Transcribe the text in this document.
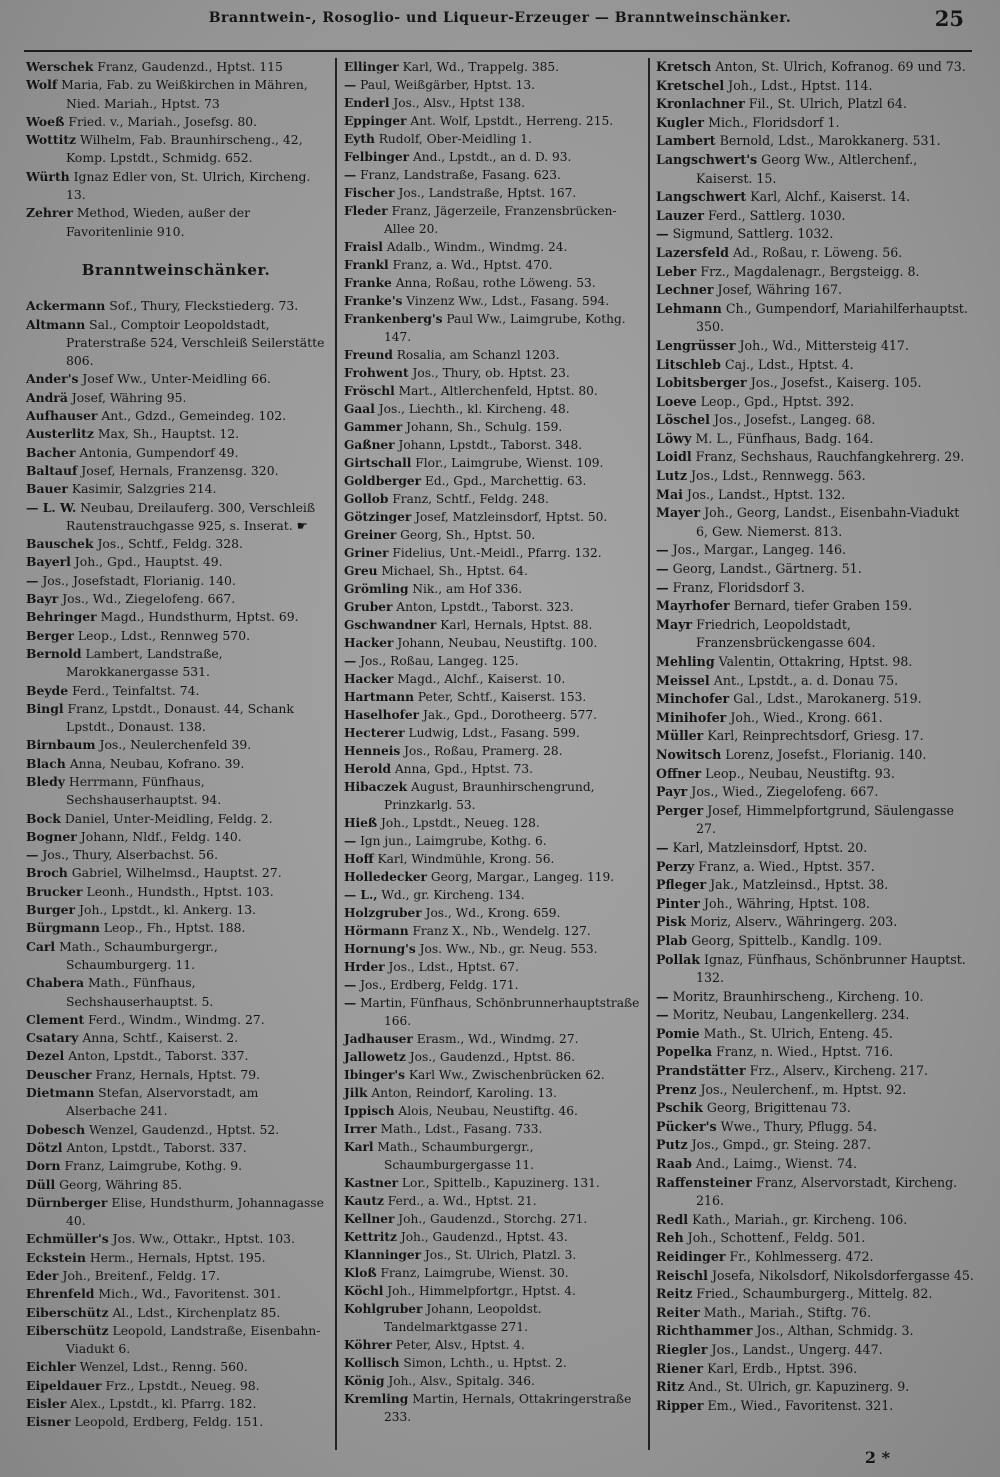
Branntwein-, Rosoglio- und Liqueur-Erzeuger — Branntweinschänker.	25
Werschek Franz, Gaudenzd., Hptst. 115
Wolf Maria, Fab. zu Weißkirchen in Mähren, Nied. Mariah., Hptst. 73
Woeß Fried. v., Mariah., Josefsg. 80.
Wottitz Wilhelm, Fab. Braunhirscheng., 42, Komp. Lpstdt., Schmidg. 652.
Würth Ignaz Edler von, St. Ulrich, Kircheng. 13.
Zehrer Method, Wieden, außer der Favoritenlinie 910.
Branntweinschänker.
Ackermann Sof., Thury, Fleckstiederg. 73.
Altmann Sal., Comptoir Leopoldstadt, Praterstraße 524, Verschleiß Seilerstätte 806.
Ander's Josef Ww., Unter-Meidling 66.
Andrä Josef, Währing 95.
Aufhauser Ant., Gdzd., Gemeindeg. 102.
Austerlitz Max, Sh., Hauptst. 12.
Bacher Antonia, Gumpendorf 49.
Baltauf Josef, Hernals, Franzensg. 320.
Bauer Kasimir, Salzgries 214.
— L. W. Neubau, Dreilauferg. 300, Verschleiß Rautenstrauchgasse 925, s. Inserat. ☛
Bauschek Jos., Schtf., Feldg. 328.
Bayerl Joh., Gpd., Hauptst. 49.
— Jos., Josefstadt, Florianig. 140.
Bayr Jos., Wd., Ziegelofeng. 667.
Behringer Magd., Hundsthurm, Hptst. 69.
Berger Leop., Ldst., Rennweg 570.
Bernold Lambert, Landstraße, Marokkanergasse 531.
Beyde Ferd., Teinfaltst. 74.
Bingl Franz, Lpstdt., Donaust. 44, Schank Lpstdt., Donaust. 138.
Birnbaum Jos., Neulerchenfeld 39.
Blach Anna, Neubau, Kofrano. 39.
Bledy Herrmann, Fünfhaus, Sechshauserhauptst. 94.
Bock Daniel, Unter-Meidling, Feldg. 2.
Bogner Johann, Nldf., Feldg. 140.
— Jos., Thury, Alserbachst. 56.
Broch Gabriel, Wilhelmsd., Hauptst. 27.
Brucker Leonh., Hundsth., Hptst. 103.
Burger Joh., Lpstdt., kl. Ankerg. 13.
Bürgmann Leop., Fh., Hptst. 188.
Carl Math., Schaumburgergr., Schaumburgerg. 11.
Chabera Math., Fünfhaus, Sechshauserhauptst. 5.
Clement Ferd., Windm., Windmg. 27.
Csatary Anna, Schtf., Kaiserst. 2.
Dezel Anton, Lpstdt., Taborst. 337.
Deuscher Franz, Hernals, Hptst. 79.
Dietmann Stefan, Alservorstadt, am Alserbache 241.
Dobesch Wenzel, Gaudenzd., Hptst. 52.
Dötzl Anton, Lpstdt., Taborst. 337.
Dorn Franz, Laimgrube, Kothg. 9.
Düll Georg, Währing 85.
Dürnberger Elise, Hundsthurm, Johannagasse 40.
Echmüller's Jos. Ww., Ottakr., Hptst. 103.
Eckstein Herm., Hernals, Hptst. 195.
Eder Joh., Breitenf., Feldg. 17.
Ehrenfeld Mich., Wd., Favoritenst. 301.
Eiberschütz Al., Ldst., Kirchenplatz 85.
Eiberschütz Leopold, Landstraße, Eisenbahn-Viadukt 6.
Eichler Wenzel, Ldst., Renng. 560.
Eipeldauer Frz., Lpstdt., Neueg. 98.
Eisler Alex., Lpstdt., kl. Pfarrg. 182.
Eisner Leopold, Erdberg, Feldg. 151.
Ellinger Karl, Wd., Trappelg. 385.
— Paul, Weißgärber, Hptst. 13.
Enderl Jos., Alsv., Hptst 138.
Eppinger Ant. Wolf, Lpstdt., Herreng. 215.
Eyth Rudolf, Ober-Meidling 1.
Felbinger And., Lpstdt., an d. D. 93.
— Franz, Landstraße, Fasang. 623.
Fischer Jos., Landstraße, Hptst. 167.
Fleder Franz, Jägerzeile, Franzensbrücken-Allee 20.
Fraisl Adalb., Windm., Windmg. 24.
Frankl Franz, a. Wd., Hptst. 470.
Franke Anna, Roßau, rothe Löweng. 53.
Franke's Vinzenz Ww., Ldst., Fasang. 594.
Frankenberg's Paul Ww., Laimgrube, Kothg. 147.
Freund Rosalia, am Schanzl 1203.
Frohwent Jos., Thury, ob. Hptst. 23.
Fröschl Mart., Altlerchenfeld, Hptst. 80.
Gaal Jos., Liechth., kl. Kircheng. 48.
Gammer Johann, Sh., Schulg. 159.
Gaßner Johann, Lpstdt., Taborst. 348.
Girtschall Flor., Laimgrube, Wienst. 109.
Goldberger Ed., Gpd., Marchettig. 63.
Gollob Franz, Schtf., Feldg. 248.
Götzinger Josef, Matzleinsdorf, Hptst. 50.
Greiner Georg, Sh., Hptst. 50.
Griner Fidelius, Unt.-Meidl., Pfarrg. 132.
Greu Michael, Sh., Hptst. 64.
Grömling Nik., am Hof 336.
Gruber Anton, Lpstdt., Taborst. 323.
Gschwandner Karl, Hernals, Hptst. 88.
Hacker Johann, Neubau, Neustiftg. 100.
— Jos., Roßau, Langeg. 125.
Hacker Magd., Alchf., Kaiserst. 10.
Hartmann Peter, Schtf., Kaiserst. 153.
Haselhofer Jak., Gpd., Dorotheerg. 577.
Hecterer Ludwig, Ldst., Fasang. 599.
Henneis Jos., Roßau, Pramerg. 28.
Herold Anna, Gpd., Hptst. 73.
Hibaczek August, Braunhirschengrund, Prinzkarlg. 53.
Hieß Joh., Lpstdt., Neueg. 128.
— Ign jun., Laimgrube, Kothg. 6.
Hoff Karl, Windmühle, Krong. 56.
Holledecker Georg, Margar., Langeg. 119.
— L., Wd., gr. Kircheng. 134.
Holzgruber Jos., Wd., Krong. 659.
Hörmann Franz X., Nb., Wendelg. 127.
Hornung's Jos. Ww., Nb., gr. Neug. 553.
Hrder Jos., Ldst., Hptst. 67.
— Jos., Erdberg, Feldg. 171.
— Martin, Fünfhaus, Schönbrunnerhauptstraße 166.
Jadhauser Erasm., Wd., Windmg. 27.
Jallowetz Jos., Gaudenzd., Hptst. 86.
Ibinger's Karl Ww., Zwischenbrücken 62.
Jilk Anton, Reindorf, Karoling. 13.
Ippisch Alois, Neubau, Neustiftg. 46.
Irrer Math., Ldst., Fasang. 733.
Karl Math., Schaumburgergr., Schaumburgergasse 11.
Kastner Lor., Spittelb., Kapuzinerg. 131.
Kautz Ferd., a. Wd., Hptst. 21.
Kellner Joh., Gaudenzd., Storchg. 271.
Kettritz Joh., Gaudenzd., Hptst. 43.
Klanninger Jos., St. Ulrich, Platzl. 3.
Kloß Franz, Laimgrube, Wienst. 30.
Köchl Joh., Himmelpfortgr., Hptst. 4.
Kohlgruber Johann, Leopoldst. Tandelmarktgasse 271.
Köhrer Peter, Alsv., Hptst. 4.
Kollisch Simon, Lchth., u. Hptst. 2.
König Joh., Alsv., Spitalg. 346.
Kremling Martin, Hernals, Ottakringerstraße 233.
Kretsch Anton, St. Ulrich, Kofranog. 69 und 73.
Kretschel Joh., Ldst., Hptst. 114.
Kronlachner Fil., St. Ulrich, Platzl 64.
Kugler Mich., Floridsdorf 1.
Lambert Bernold, Ldst., Marokkanerg. 531.
Langschwert's Georg Ww., Altlerchenf., Kaiserst. 15.
Langschwert Karl, Alchf., Kaiserst. 14.
Lauzer Ferd., Sattlerg. 1030.
— Sigmund, Sattlerg. 1032.
Lazersfeld Ad., Roßau, r. Löweng. 56.
Leber Frz., Magdalenagr., Bergsteigg. 8.
Lechner Josef, Währing 167.
Lehmann Ch., Gumpendorf, Mariahilferhauptst. 350.
Lengrüsser Joh., Wd., Mittersteig 417.
Litschleb Caj., Ldst., Hptst. 4.
Lobitsberger Jos., Josefst., Kaiserg. 105.
Loeve Leop., Gpd., Hptst. 392.
Löschel Jos., Josefst., Langeg. 68.
Löwy M. L., Fünfhaus, Badg. 164.
Loidl Franz, Sechshaus, Rauchfangkehrerg. 29.
Lutz Jos., Ldst., Rennwegg. 563.
Mai Jos., Landst., Hptst. 132.
Mayer Joh., Georg, Landst., Eisenbahn-Viadukt 6, Gew. Niemerst. 813.
— Jos., Margar., Langeg. 146.
— Georg, Landst., Gärtnerg. 51.
— Franz, Floridsdorf 3.
Mayrhofer Bernard, tiefer Graben 159.
Mayr Friedrich, Leopoldstadt, Franzensbrückengasse 604.
Mehling Valentin, Ottakring, Hptst. 98.
Meissel Ant., Lpstdt., a. d. Donau 75.
Minchofer Gal., Ldst., Marokanerg. 519.
Minihofer Joh., Wied., Krong. 661.
Müller Karl, Reinprechtsdorf, Griesg. 17.
Nowitsch Lorenz, Josefst., Florianig. 140.
Offner Leop., Neubau, Neustiftg. 93.
Payr Jos., Wied., Ziegelofeng. 667.
Perger Josef, Himmelpfortgrund, Säulengasse 27.
— Karl, Matzleinsdorf, Hptst. 20.
Perzy Franz, a. Wied., Hptst. 357.
Pfleger Jak., Matzleinsd., Hptst. 38.
Pinter Joh., Währing, Hptst. 108.
Pisk Moriz, Alserv., Währingerg. 203.
Plab Georg, Spittelb., Kandlg. 109.
Pollak Ignaz, Fünfhaus, Schönbrunner Hauptst. 132.
— Moritz, Braunhirscheng., Kircheng. 10.
— Moritz, Neubau, Langenkellerg. 234.
Pomie Math., St. Ulrich, Enteng. 45.
Popelka Franz, n. Wied., Hptst. 716.
Prandstätter Frz., Alserv., Kircheng. 217.
Prenz Jos., Neulerchenf., m. Hptst. 92.
Pschik Georg, Brigittenau 73.
Pücker's Wwe., Thury, Pflugg. 54.
Putz Jos., Gmpd., gr. Steing. 287.
Raab And., Laimg., Wienst. 74.
Raffensteiner Franz, Alservorstadt, Kircheng. 216.
Redl Kath., Mariah., gr. Kircheng. 106.
Reh Joh., Schottenf., Feldg. 501.
Reidinger Fr., Kohlmesserg. 472.
Reischl Josefa, Nikolsdorf, Nikolsdorfergasse 45.
Reitz Fried., Schaumburgerg., Mittelg. 82.
Reiter Math., Mariah., Stiftg. 76.
Richthammer Jos., Althan, Schmidg. 3.
Riegler Jos., Landst., Ungerg. 447.
Riener Karl, Erdb., Hptst. 396.
Ritz And., St. Ulrich, gr. Kapuzinerg. 9.
Ripper Em., Wied., Favoritenst. 321.
2 *
